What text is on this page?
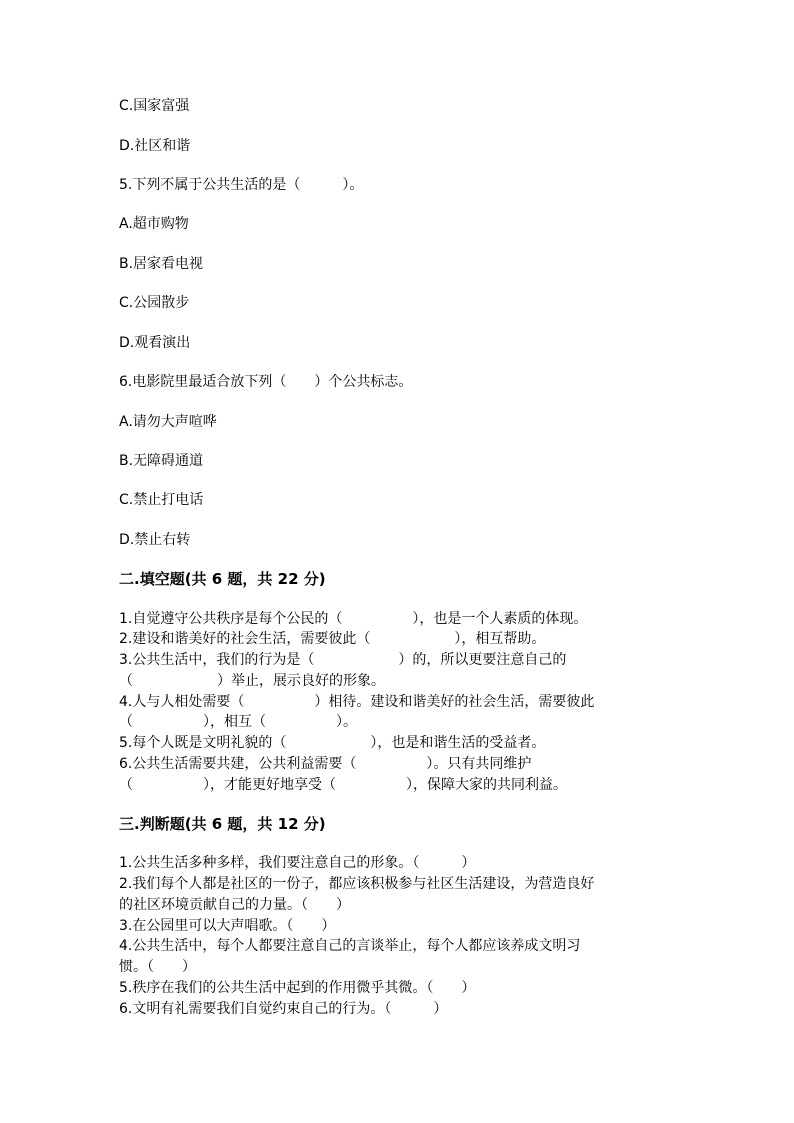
C.国家富强
D.社区和谐
5.下列不属于公共生活的是（　　　）。
A.超市购物
B.居家看电视
C.公园散步
D.观看演出
6.电影院里最适合放下列（　　）个公共标志。
A.请勿大声喧哗
B.无障碍通道
C.禁止打电话
D.禁止右转
二.填空题(共 6 题，共 22 分)
1.自觉遵守公共秩序是每个公民的（　　　　　），也是一个人素质的体现。
2.建设和谐美好的社会生活，需要彼此（　　　　　　），相互帮助。
3.公共生活中，我们的行为是（　　　　　　）的，所以更要注意自己的
（　　　　　　）举止，展示良好的形象。
4.人与人相处需要（　　　　　）相待。建设和谐美好的社会生活，需要彼此
（　　　　　），相互（　　　　　）。
5.每个人既是文明礼貌的（　　　　　　），也是和谐生活的受益者。
6.公共生活需要共建，公共利益需要（　　　　　）。只有共同维护
（　　　　　），才能更好地享受（　　　　　），保障大家的共同利益。
三.判断题(共 6 题，共 12 分)
1.公共生活多种多样，我们要注意自己的形象。（　　　）
2.我们每个人都是社区的一份子，都应该积极参与社区生活建设，为营造良好
的社区环境贡献自己的力量。（　　）
3.在公园里可以大声唱歌。（　　）
4.公共生活中，每个人都要注意自己的言谈举止，每个人都应该养成文明习
惯。（　　）
5.秩序在我们的公共生活中起到的作用微乎其微。（　　）
6.文明有礼需要我们自觉约束自己的行为。（　　　）
